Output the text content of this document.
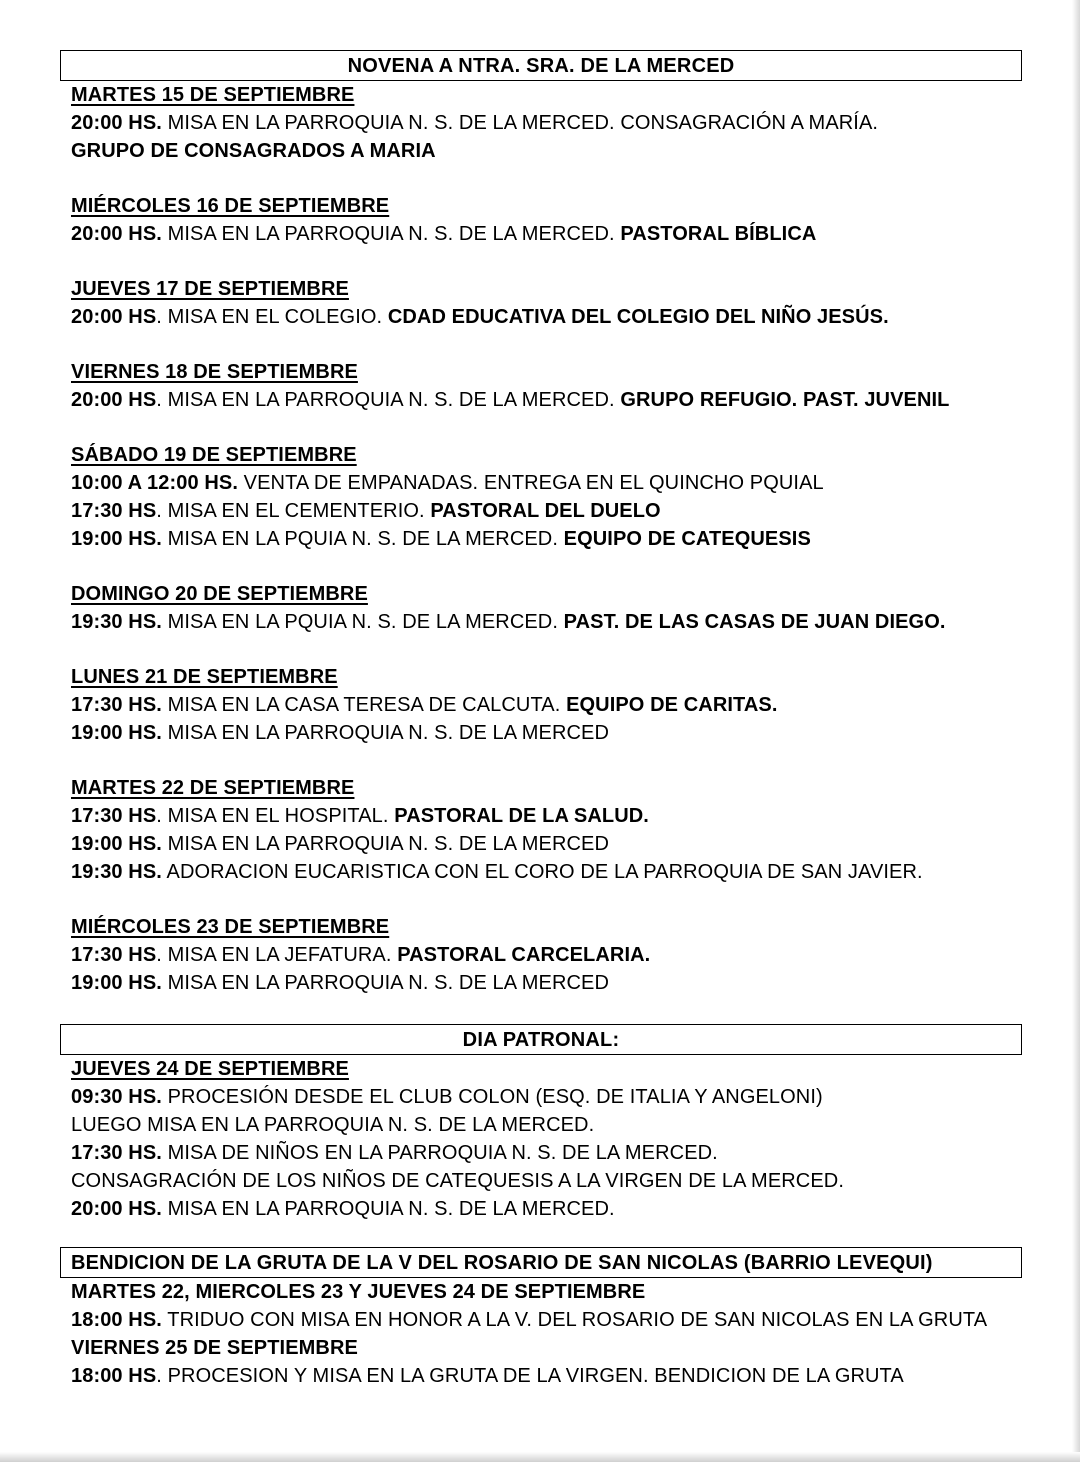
NOVENA A NTRA. SRA. DE LA MERCED
MARTES 15 DE SEPTIEMBRE
20:00 HS. MISA EN LA PARROQUIA N. S. DE LA MERCED. CONSAGRACIÓN A MARÍA.
GRUPO DE CONSAGRADOS A MARIA
MIÉRCOLES 16 DE SEPTIEMBRE
20:00 HS. MISA EN LA PARROQUIA N. S. DE LA MERCED. PASTORAL BÍBLICA
JUEVES 17 DE SEPTIEMBRE
20:00 HS. MISA EN EL COLEGIO. CDAD EDUCATIVA DEL COLEGIO DEL NIÑO JESÚS.
VIERNES 18 DE SEPTIEMBRE
20:00 HS. MISA EN LA PARROQUIA N. S. DE LA MERCED. GRUPO REFUGIO. PAST. JUVENIL
SÁBADO 19 DE SEPTIEMBRE
10:00 A 12:00 HS. VENTA DE EMPANADAS. ENTREGA EN EL QUINCHO PQUIAL
17:30 HS. MISA EN EL CEMENTERIO. PASTORAL DEL DUELO
19:00 HS. MISA EN LA PQUIA N. S. DE LA MERCED. EQUIPO DE CATEQUESIS
DOMINGO 20 DE SEPTIEMBRE
19:30 HS. MISA EN LA PQUIA N. S. DE LA MERCED. PAST. DE LAS CASAS DE JUAN DIEGO.
LUNES 21 DE SEPTIEMBRE
17:30 HS. MISA EN LA CASA TERESA DE CALCUTA. EQUIPO DE CARITAS.
19:00 HS. MISA EN LA PARROQUIA N. S. DE LA MERCED
MARTES 22 DE SEPTIEMBRE
17:30 HS. MISA EN EL HOSPITAL. PASTORAL DE LA SALUD.
19:00 HS. MISA EN LA PARROQUIA N. S. DE LA MERCED
19:30 HS. ADORACION EUCARISTICA CON EL CORO DE LA PARROQUIA DE SAN JAVIER.
MIÉRCOLES 23 DE SEPTIEMBRE
17:30 HS. MISA EN LA JEFATURA. PASTORAL CARCELARIA.
19:00 HS. MISA EN LA PARROQUIA N. S. DE LA MERCED
DIA PATRONAL:
JUEVES 24 DE SEPTIEMBRE
09:30 HS. PROCESIÓN DESDE EL CLUB COLON (ESQ. DE ITALIA Y ANGELONI)
LUEGO MISA EN LA PARROQUIA N. S. DE LA MERCED.
17:30 HS. MISA DE NIÑOS EN LA PARROQUIA N. S. DE LA MERCED.
CONSAGRACIÓN DE LOS NIÑOS DE CATEQUESIS A LA VIRGEN DE LA MERCED.
20:00 HS. MISA EN LA PARROQUIA N. S. DE LA MERCED.
BENDICION DE LA GRUTA DE LA V DEL ROSARIO DE SAN NICOLAS (BARRIO LEVEQUI)
MARTES 22, MIERCOLES 23 Y JUEVES 24 DE SEPTIEMBRE
18:00 HS. TRIDUO CON MISA EN HONOR A LA V. DEL ROSARIO DE SAN NICOLAS EN LA GRUTA
VIERNES 25 DE SEPTIEMBRE
18:00 HS. PROCESION Y MISA EN LA GRUTA DE LA VIRGEN. BENDICION DE LA GRUTA
